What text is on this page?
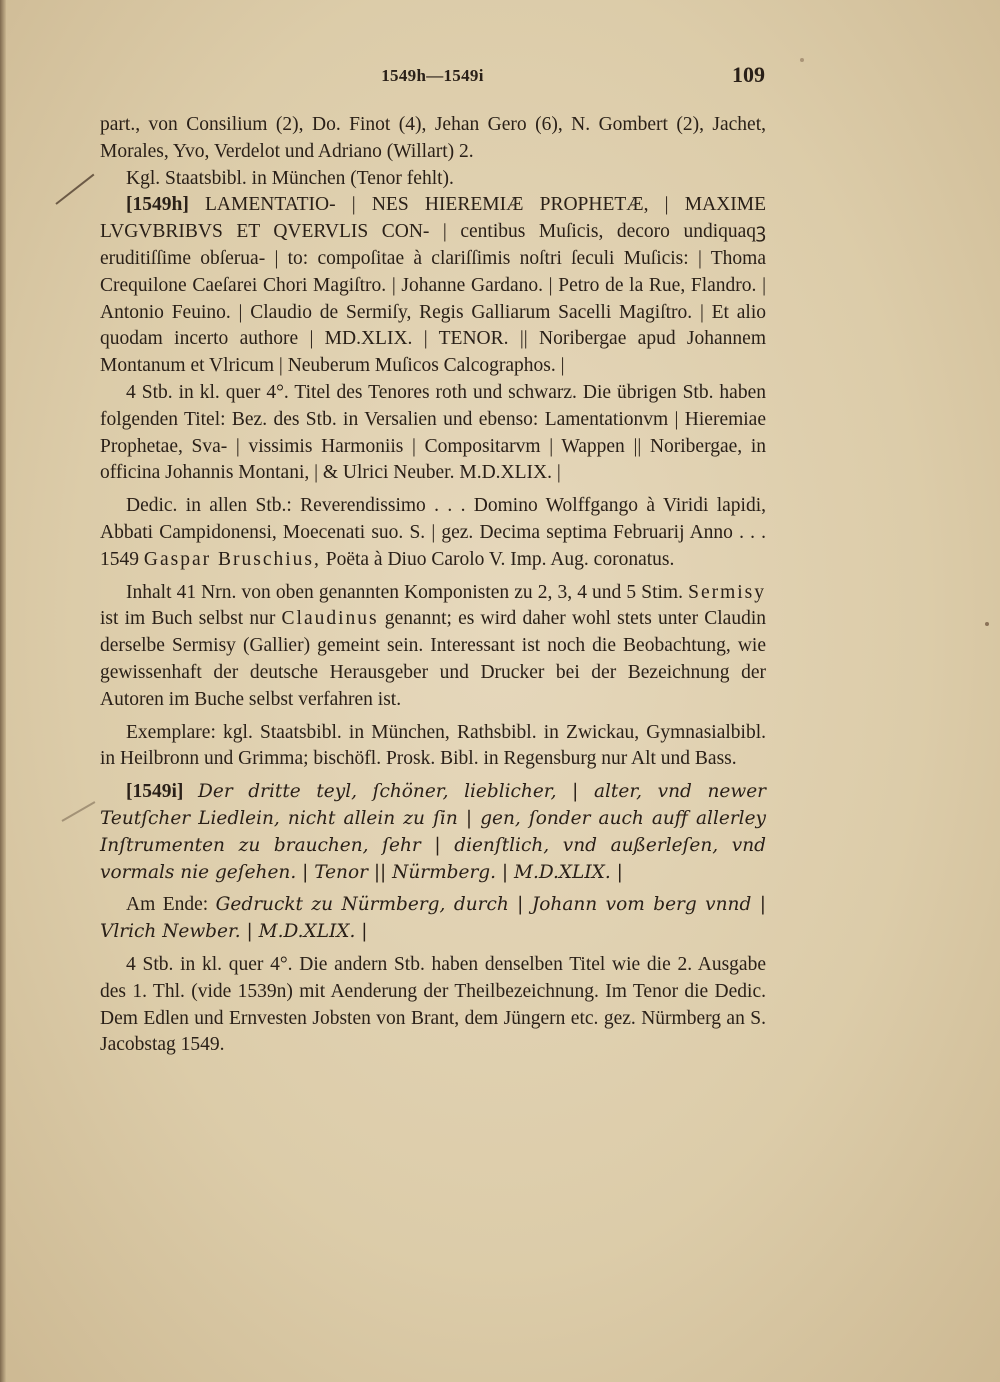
1549h—1549i	109

part., von Consilium (2), Do. Finot (4), Jehan Gero (6), N. Gombert (2), Jachet, Morales, Yvo, Verdelot und Adriano (Willart) 2.

Kgl. Staatsbibl. in München (Tenor fehlt).

[1549h] LAMENTATIO- | NES HIEREMIÆ PROPHETÆ, | MAXIME LVGVBRIBVS ET QVERVLIS CON- | centibus Muſicis, decoro undiquaqꝫ eruditiſſime obſerua- | to: compoſitae à clariſſimis noſtri ſeculi Muſicis: | Thoma Crequilone Caeſarei Chori Magiſtro. | Johanne Gardano. | Petro de la Rue, Flandro. | Antonio Feuino. | Claudio de Sermiſy, Regis Galliarum Sacelli Magiſtro. | Et alio quodam incerto authore | MD.XLIX. | TENOR. || Noribergae apud Johannem Montanum et Vlricum | Neuberum Muſicos Calcographos. |

4 Stb. in kl. quer 4°. Titel des Tenores roth und schwarz. Die übrigen Stb. haben folgenden Titel: Bez. des Stb. in Versalien und ebenso: Lamentationvm | Hieremiae Prophetae, Sva- | vissimis Harmoniis | Compositarvm | Wappen || Noribergae, in officina Johannis Montani, | & Ulrici Neuber. M.D.XLIX. |

Dedic. in allen Stb.: Reverendissimo . . . Domino Wolffgango à Viridi lapidi, Abbati Campidonensi, Moecenati suo. S. | gez. Decima septima Februarij Anno . . . 1549 Gaspar Bruschius, Poëta à Diuo Carolo V. Imp. Aug. coronatus.

Inhalt 41 Nrn. von oben genannten Komponisten zu 2, 3, 4 und 5 Stim. Sermisy ist im Buch selbst nur Claudinus genannt; es wird daher wohl stets unter Claudin derselbe Sermisy (Gallier) gemeint sein. Interessant ist noch die Beobachtung, wie gewissenhaft der deutsche Herausgeber und Drucker bei der Bezeichnung der Autoren im Buche selbst verfahren ist.

Exemplare: kgl. Staatsbibl. in München, Rathsbibl. in Zwickau, Gymnasialbibl. in Heilbronn und Grimma; bischöfl. Prosk. Bibl. in Regensburg nur Alt und Bass.

[1549i] Der dritte teyl, ſchöner, lieblicher, | alter, vnd newer Teutſcher Liedlein, nicht allein zu ſin | gen, ſonder auch auff allerley Inſtrumenten zu brauchen, ſehr | dienſtlich, vnd außerleſen, vnd vormals nie geſehen. | Tenor || Nürmberg. | M.D.XLIX. |

Am Ende: Gedruckt zu Nürmberg, durch | Johann vom berg vnnd | Vlrich Newber. | M.D.XLIX. |

4 Stb. in kl. quer 4°. Die andern Stb. haben denselben Titel wie die 2. Ausgabe des 1. Thl. (vide 1539n) mit Aenderung der Theilbezeichnung. Im Tenor die Dedic. Dem Edlen und Ernvesten Jobsten von Brant, dem Jüngern etc. gez. Nürmberg an S. Jacobstag 1549.
